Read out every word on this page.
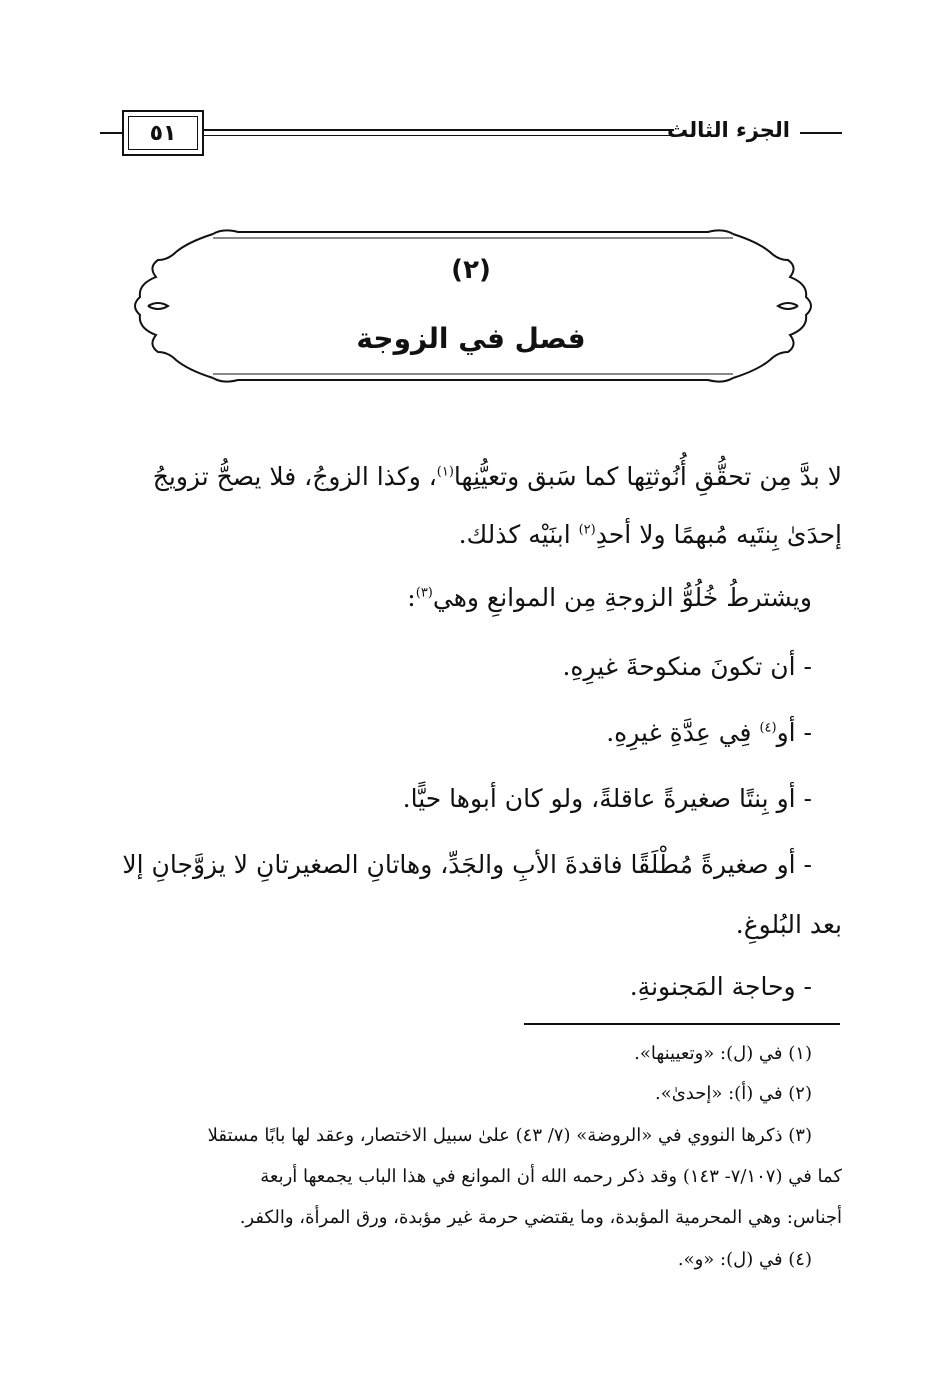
٥١	الجزء الثالث
(٢)
فصل في الزوجة
لا بدَّ مِن تحقُّقِ أُنُوثتِها كما سَبق وتعيُّنِها$^{(١)}$، وكذا الزوجُ، فلا يصحُّ تزويجُ
إحدَىٰ بِنتَيه مُبهمًا ولا أحدِ$^{(٢)}$ ابنَيْه كذلك.
ويشترطُ خُلُوُّ الزوجةِ مِن الموانعِ وهي$^{(٣)}$:
- أن تكونَ منكوحةَ غيرِهِ.
- أو$^{(٤)}$ فِي عِدَّةِ غيرِهِ.
- أو بِنتًا صغيرةً عاقلةً، ولو كان أبوها حيًّا.
- أو صغيرةً مُطْلَقًا فاقدةَ الأبِ والجَدِّ، وهاتانِ الصغيرتانِ لا يزوَّجانِ إلا
بعد البُلوغِ.
- وحاجة المَجنونةِ.
(١) في (ل): «وتعيينها».
(٢) في (أ): «إحدىٰ».
(٣) ذكرها النووي في «الروضة» (٧/ ٤٣) علىٰ سبيل الاختصار، وعقد لها بابًا مستقلا
كما في (٧/١٠٧- ١٤٣) وقد ذكر رحمه الله أن الموانع في هذا الباب يجمعها أربعة
أجناس: وهي المحرمية المؤبدة، وما يقتضي حرمة غير مؤبدة، ورق المرأة، والكفر.
(٤) في (ل): «و».
